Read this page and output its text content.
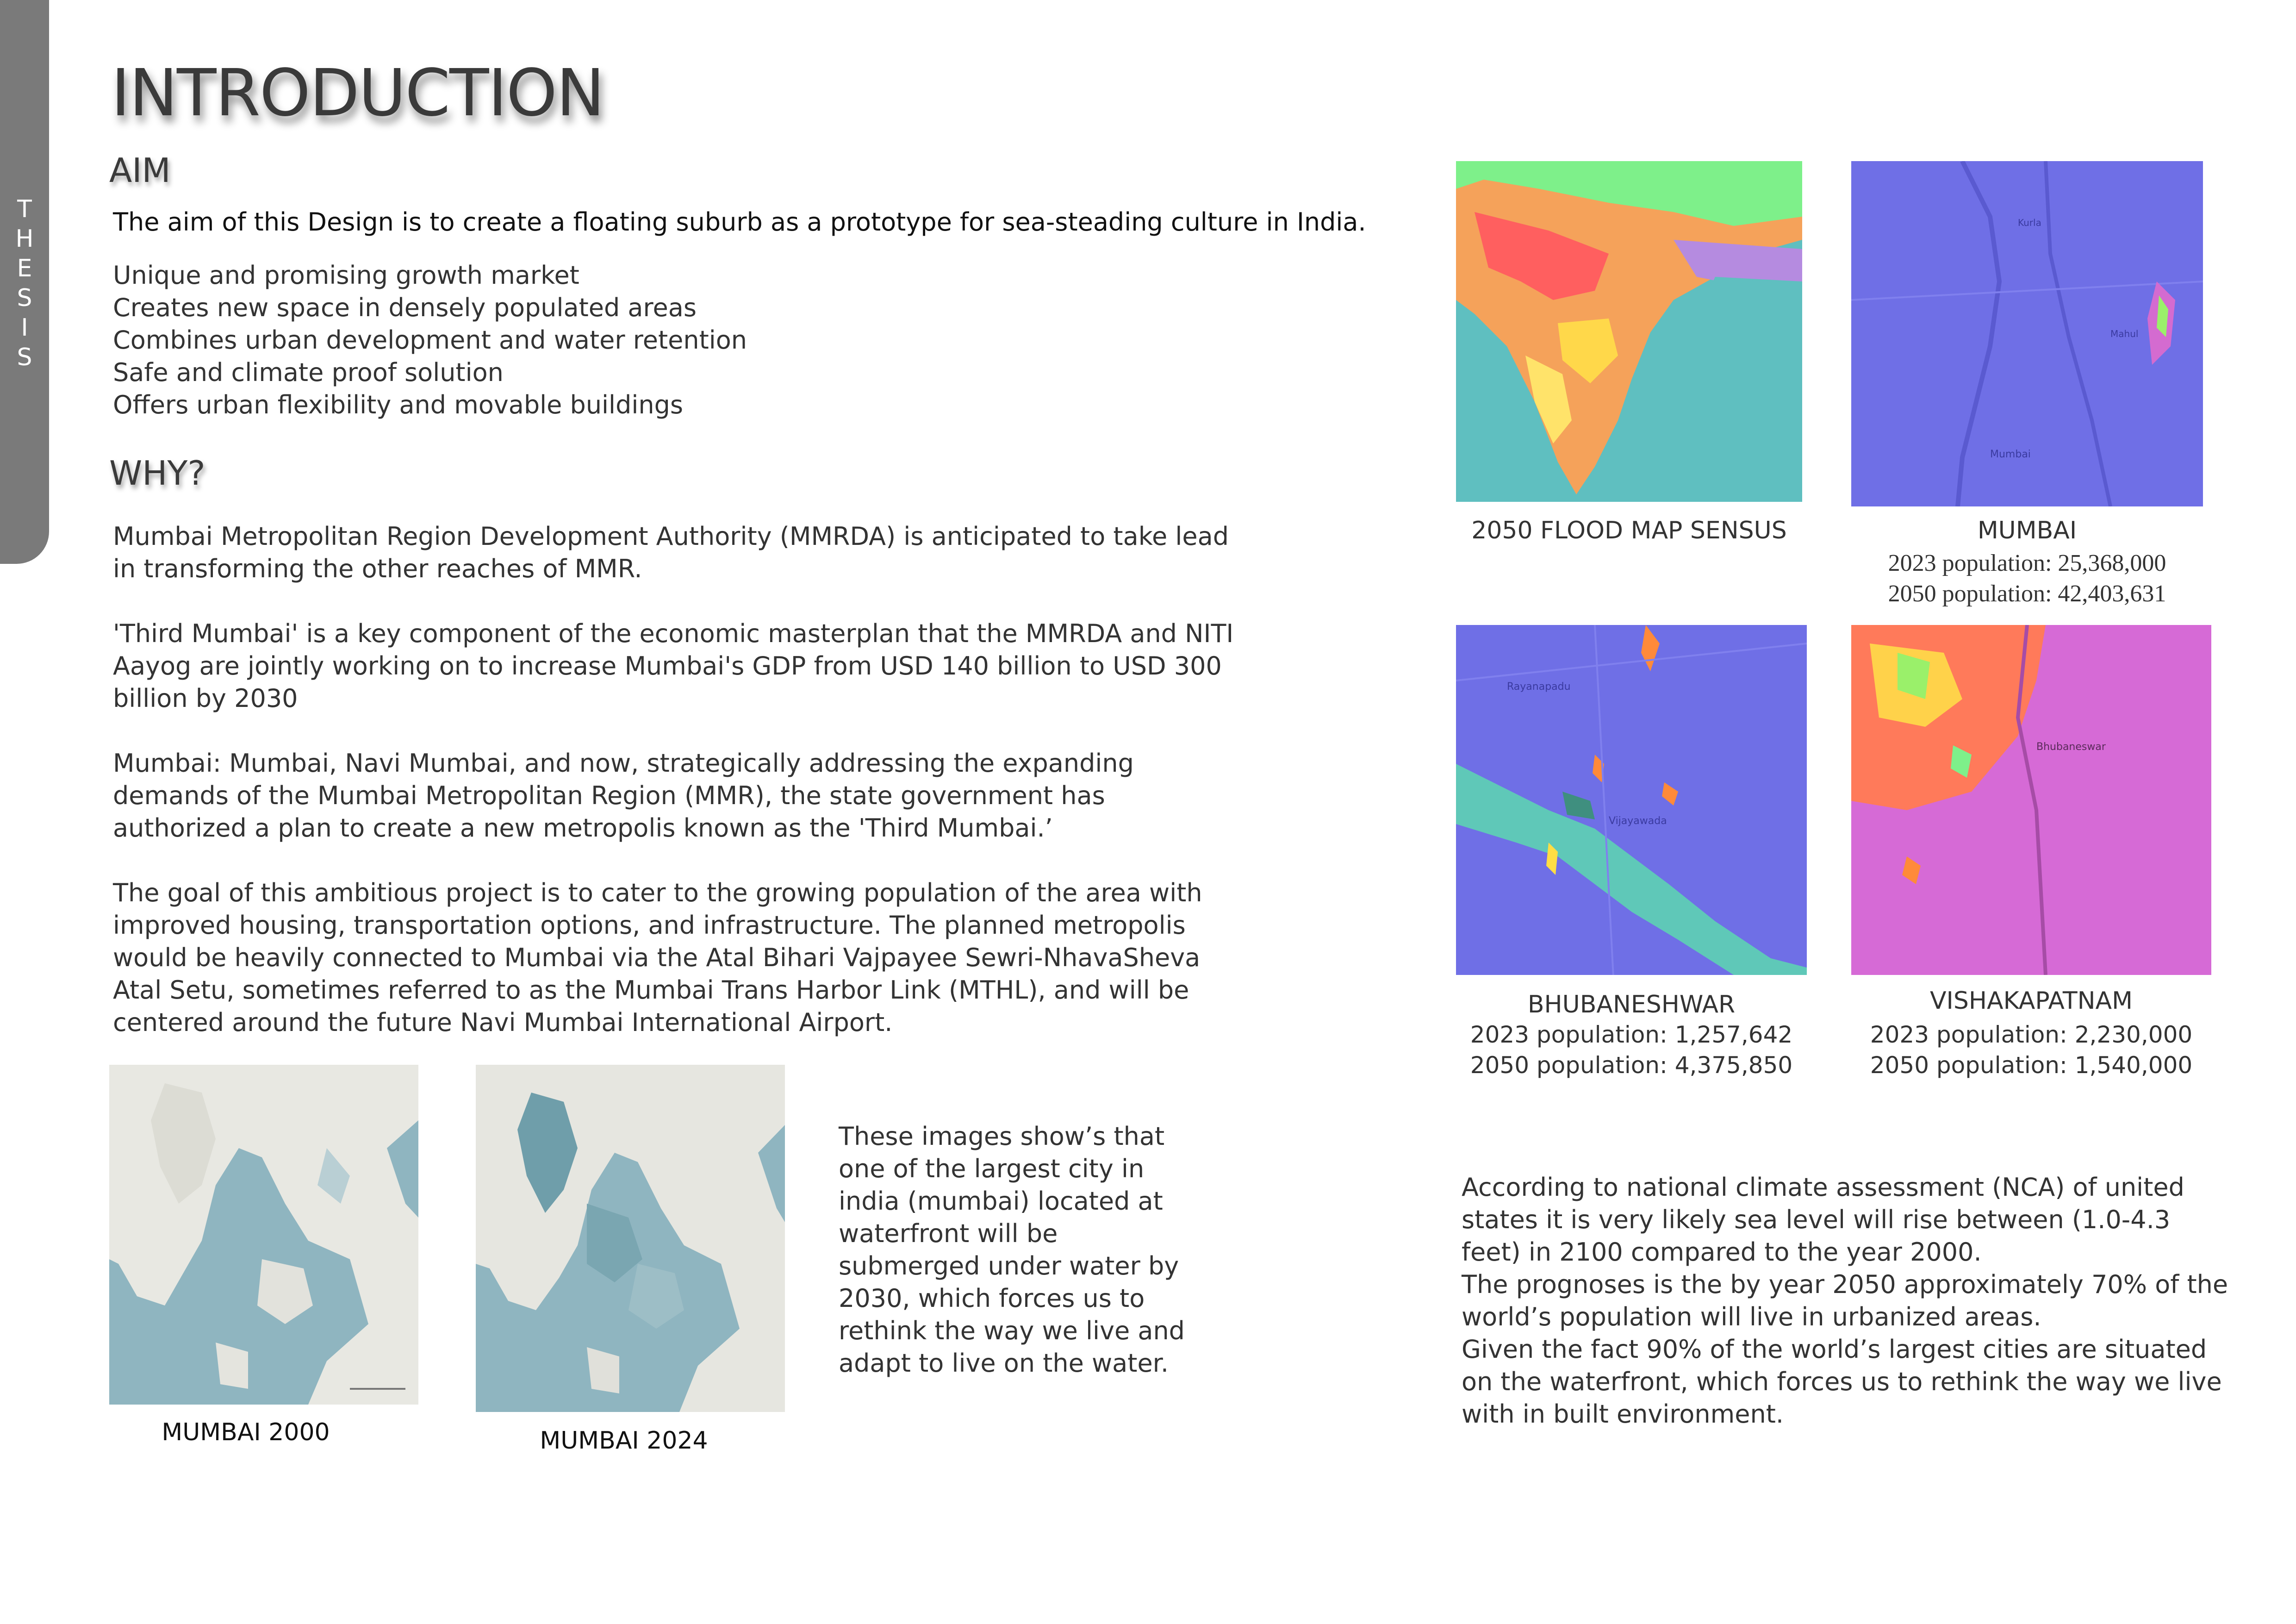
T
H
E
S
I
S
INTRODUCTION
AIM
The aim of this Design is to create a floating suburb as a prototype for sea-steading culture in India.
Unique and promising growth market
Creates new space in densely populated areas
Combines urban development and water retention
Safe and climate proof solution
Offers urban flexibility and movable buildings
WHY?

Mumbai Metropolitan Region Development Authority (MMRDA) is anticipated to take lead in transforming the other reaches of MMR.

'Third Mumbai' is a key component of the economic masterplan that the MMRDA and NITI Aayog are jointly working on to increase Mumbai's GDP from USD 140 billion to USD 300 billion by 2030

Mumbai: Mumbai, Navi Mumbai, and now, strategically addressing the expanding demands of the Mumbai Metropolitan Region (MMR), the state government has authorized a plan to create a new metropolis known as the 'Third Mumbai.’

The goal of this ambitious project is to cater to the growing population of the area with improved housing, transportation options, and infrastructure. The planned metropolis would be heavily connected to Mumbai via the Atal Bihari Vajpayee Sewri-NhavaSheva Atal Setu, sometimes referred to as the Mumbai Trans Harbor Link (MTHL), and will be centered around the future Navi Mumbai International Airport.

MUMBAI 2000	MUMBAI 2024
These images show’s that one of the largest city in india (mumbai) located at waterfront will be submerged under water by 2030, which forces us to rethink the way we live and adapt to live on the water.
2050 FLOOD MAP SENSUS
Mumbai
Kurla
Mahul
MUMBAI
2023 population: 25,368,000
2050 population: 42,403,631
Rayanapadu
Vijayawada
BHUBANESHWAR
2023 population: 1,257,642
2050 population: 4,375,850
Bhubaneswar
VISHAKAPATNAM
2023 population: 2,230,000
2050 population: 1,540,000
According to national climate assessment (NCA) of united states it is very likely sea level will rise between (1.0-4.3 feet) in 2100 compared to the year 2000.
The prognoses is the by year 2050 approximately 70% of the world’s population will live in urbanized areas.
Given the fact 90% of the world’s largest cities are situated on the waterfront, which forces us to rethink the way we live with in built environment.
